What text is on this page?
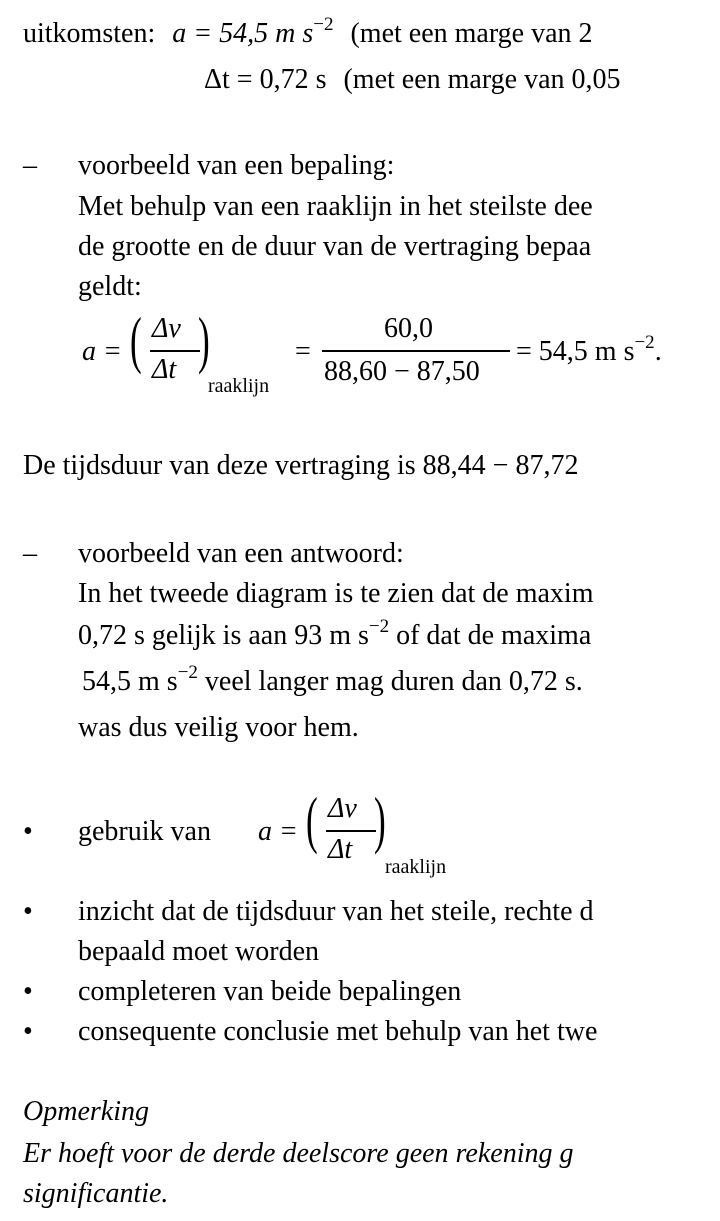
uitkomsten: a = 54,5 m $s^{-2}$ (met een marge van 2
Δt = 0,72 s (met een marge van 0,05
– voorbeeld van een bepaling:
Met behulp van een raaklijn in het steilste dee
de grootte en de duur van de vertraging bepaa
geldt:
a = ( Δv
Δt )
raaklijn
=
60,0
88,60 − 87,50
= 54,5 m $s^{-2}$.
De tijdsduur van deze vertraging is 88,44 − 87,72
– voorbeeld van een antwoord:
In het tweede diagram is te zien dat de maxim
0,72 s gelijk is aan 93 m $s^{-2}$ of dat de maxima
54,5 m $s^{-2}$ veel langer mag duren dan 0,72 s.
was dus veilig voor hem.
• gebruik van a = ( Δv
Δt )
raaklijn
• inzicht dat de tijdsduur van het steile, rechte d
bepaald moet worden
• completeren van beide bepalingen
• consequente conclusie met behulp van het twe
Opmerking
Er hoeft voor de derde deelscore geen rekening g
significantie.
